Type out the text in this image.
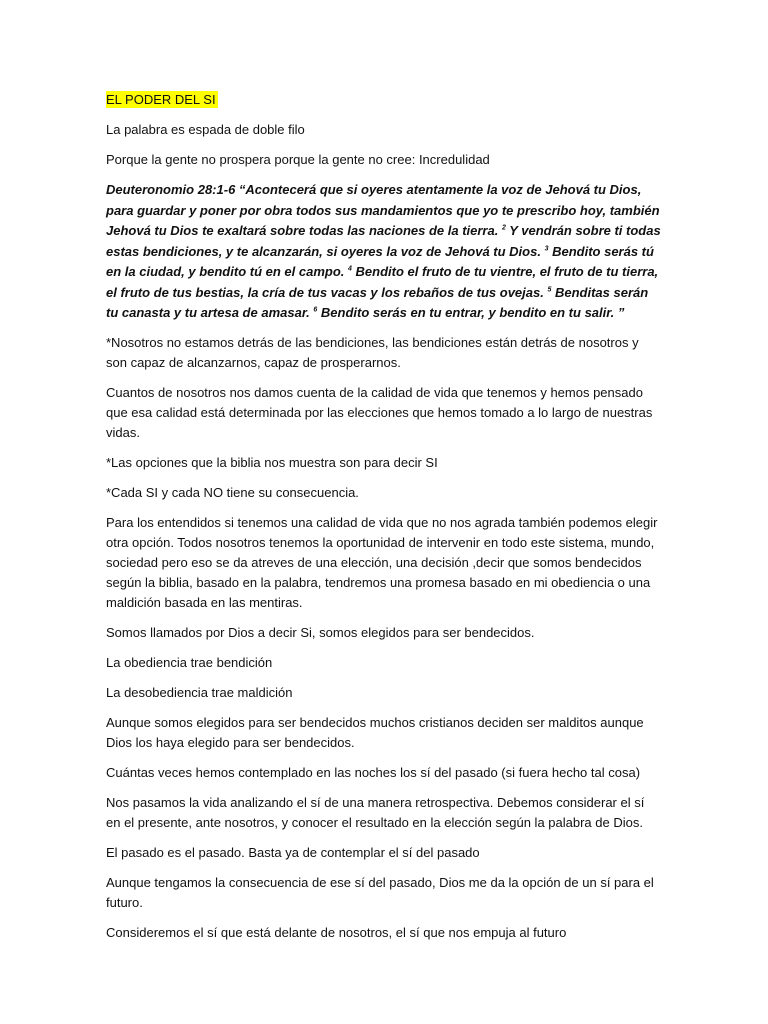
EL PODER DEL SI

La palabra es espada de doble filo

Porque la gente no prospera porque la gente no cree: Incredulidad

Deuteronomio 28:1-6 “Acontecerá que si oyeres atentamente la voz de Jehová tu Dios, para guardar y poner por obra todos sus mandamientos que yo te prescribo hoy, también Jehová tu Dios te exaltará sobre todas las naciones de la tierra. $^2$ Y vendrán sobre ti todas estas bendiciones, y te alcanzarán, si oyeres la voz de Jehová tu Dios. $^3$ Bendito serás tú en la ciudad, y bendito tú en el campo. $^4$ Bendito el fruto de tu vientre, el fruto de tu tierra, el fruto de tus bestias, la cría de tus vacas y los rebaños de tus ovejas. $^5$ Benditas serán tu canasta y tu artesa de amasar. $^6$ Bendito serás en tu entrar, y bendito en tu salir. ”

*Nosotros no estamos detrás de las bendiciones, las bendiciones están detrás de nosotros y son capaz de alcanzarnos, capaz de prosperarnos.

Cuantos de nosotros nos damos cuenta de la calidad de vida que tenemos y hemos pensado que esa calidad está determinada por las elecciones que hemos tomado a lo largo de nuestras vidas.

*Las opciones que la biblia nos muestra son para decir SI

*Cada SI y cada NO tiene su consecuencia.

Para los entendidos si tenemos una calidad de vida que no nos agrada también podemos elegir otra opción. Todos nosotros tenemos la oportunidad de intervenir en todo este sistema, mundo, sociedad pero eso se da atreves de una elección, una decisión ,decir que somos bendecidos según la biblia, basado en la palabra, tendremos una promesa basado en mi obediencia o una maldición basada en las mentiras.

Somos llamados por Dios a decir Si, somos elegidos para ser bendecidos.

La obediencia trae bendición

La desobediencia trae maldición

Aunque somos elegidos para ser bendecidos muchos cristianos deciden ser malditos aunque Dios los haya elegido para ser bendecidos.

Cuántas veces hemos contemplado en las noches los sí del pasado (si fuera hecho tal cosa)

Nos pasamos la vida analizando el sí de una manera retrospectiva. Debemos considerar el sí en el presente, ante nosotros, y conocer el resultado en la elección según la palabra de Dios.

El pasado es el pasado. Basta ya de contemplar el sí del pasado

Aunque tengamos la consecuencia de ese sí del pasado, Dios me da la opción de un sí para el futuro.

Consideremos el sí que está delante de nosotros, el sí que nos empuja al futuro
